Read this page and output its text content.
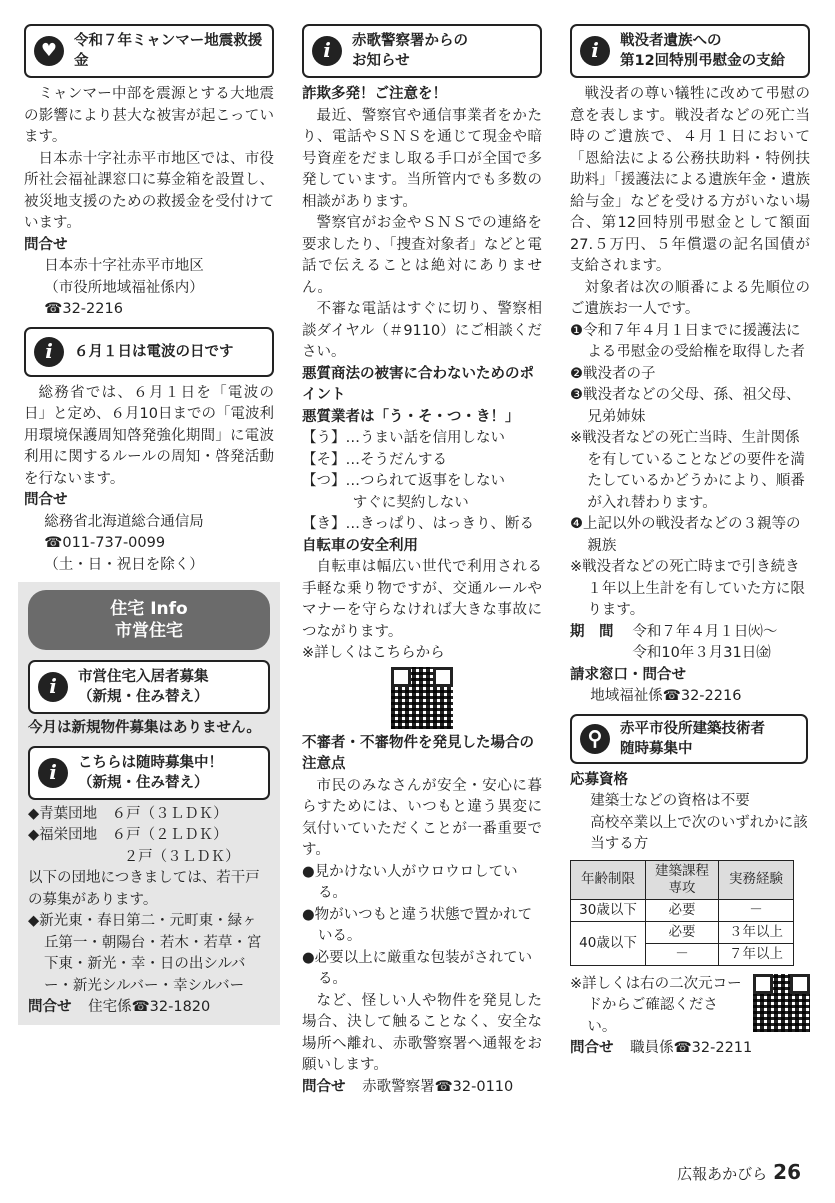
♥	令和７年ミャンマー地震救援金

ミャンマー中部を震源とする大地震の影響により甚大な被害が起こっています。

日本赤十字社赤平市地区では、市役所社会福祉課窓口に募金箱を設置し、被災地支援のための救援金を受付けています。

問合せ
日本赤十字社赤平市地区
（市役所地域福祉係内）
☎32-2216
i	６月１日は電波の日です

総務省では、６月１日を「電波の日」と定め、６月10日までの「電波利用環境保護周知啓発強化期間」に電波利用に関するルールの周知・啓発活動を行ないます。

問合せ
総務省北海道総合通信局
☎011-737-0099
（土・日・祝日を除く）
住宅 Info
市営住宅
i	市営住宅入居者募集
（新規・住み替え）
今月は新規物件募集はありません。
i	こちらは随時募集中！
（新規・住み替え）
◆青葉団地　６戸（３ＬＤＫ）
◆福栄団地　６戸（２ＬＤＫ）
２戸（３ＬＤＫ）
以下の団地につきましては、若干戸の募集があります。
◆新光東・春日第二・元町東・緑ヶ丘第一・朝陽台・若木・若草・宮下東・新光・幸・日の出シルバー・新光シルバー・幸シルバー
問合せ 住宅係☎32-1820
i	赤歌警察署からの
お知らせ
詐欺多発！ご注意を！

最近、警察官や通信事業者をかたり、電話やＳＮＳを通じて現金や暗号資産をだまし取る手口が全国で多発しています。当所管内でも多数の相談があります。

警察官がお金やＳＮＳでの連絡を要求したり、「捜査対象者」などと電話で伝えることは絶対にありません。

不審な電話はすぐに切り、警察相談ダイヤル（＃9110）にご相談ください。

悪質商法の被害に合わないためのポイント
悪質業者は「う・そ・つ・き！」
【う】…うまい話を信用しない
【そ】…そうだんする
【つ】…つられて返事をしない
すぐに契約しない
【き】…きっぱり、はっきり、断る
自転車の安全利用

自転車は幅広い世代で利用される手軽な乗り物ですが、交通ルールやマナーを守らなければ大きな事故につながります。

※詳しくはこちらから
不審者・不審物件を発見した場合の注意点

市民のみなさんが安全・安心に暮らすためには、いつもと違う異変に気付いていただくことが一番重要です。

●見かけない人がウロウロしている。
●物がいつもと違う状態で置かれている。
●必要以上に厳重な包装がされている。

など、怪しい人や物件を発見した場合、決して触ることなく、安全な場所へ離れ、赤歌警察署へ通報をお願いします。

問合せ 赤歌警察署☎32-0110
i	戦没者遺族への
第12回特別弔慰金の支給

戦没者の尊い犠牲に改めて弔慰の意を表します。戦没者などの死亡当時のご遺族で、４月１日において「恩給法による公務扶助料・特例扶助料」「援護法による遺族年金・遺族給与金」などを受ける方がいない場合、第12回特別弔慰金として額面27.５万円、５年償還の記名国債が支給されます。

対象者は次の順番による先順位のご遺族お一人です。

❶令和７年４月１日までに援護法による弔慰金の受給権を取得した者
❷戦没者の子
❸戦没者などの父母、孫、祖父母、兄弟姉妹
※戦没者などの死亡当時、生計関係を有していることなどの要件を満たしているかどうかにより、順番が入れ替わります。
❹上記以外の戦没者などの３親等の親族
※戦没者などの死亡時まで引き続き１年以上生計を有していた方に限ります。
期　間	令和７年４月１日㈫〜
令和10年３月31日㈮
請求窓口・問合せ
地域福祉係☎32-2216
⚲	赤平市役所建築技術者
随時募集中
応募資格
建築士などの資格は不要
高校卒業以上で次のいずれかに該当する方
年齢制限	建築課程専攻	実務経験
30歳以下	必要	－
40歳以下	必要	３年以上
	－	７年以上
※詳しくは右の二次元コードからご確認ください。
問合せ 職員係☎32-2211
広報あかびら 26
